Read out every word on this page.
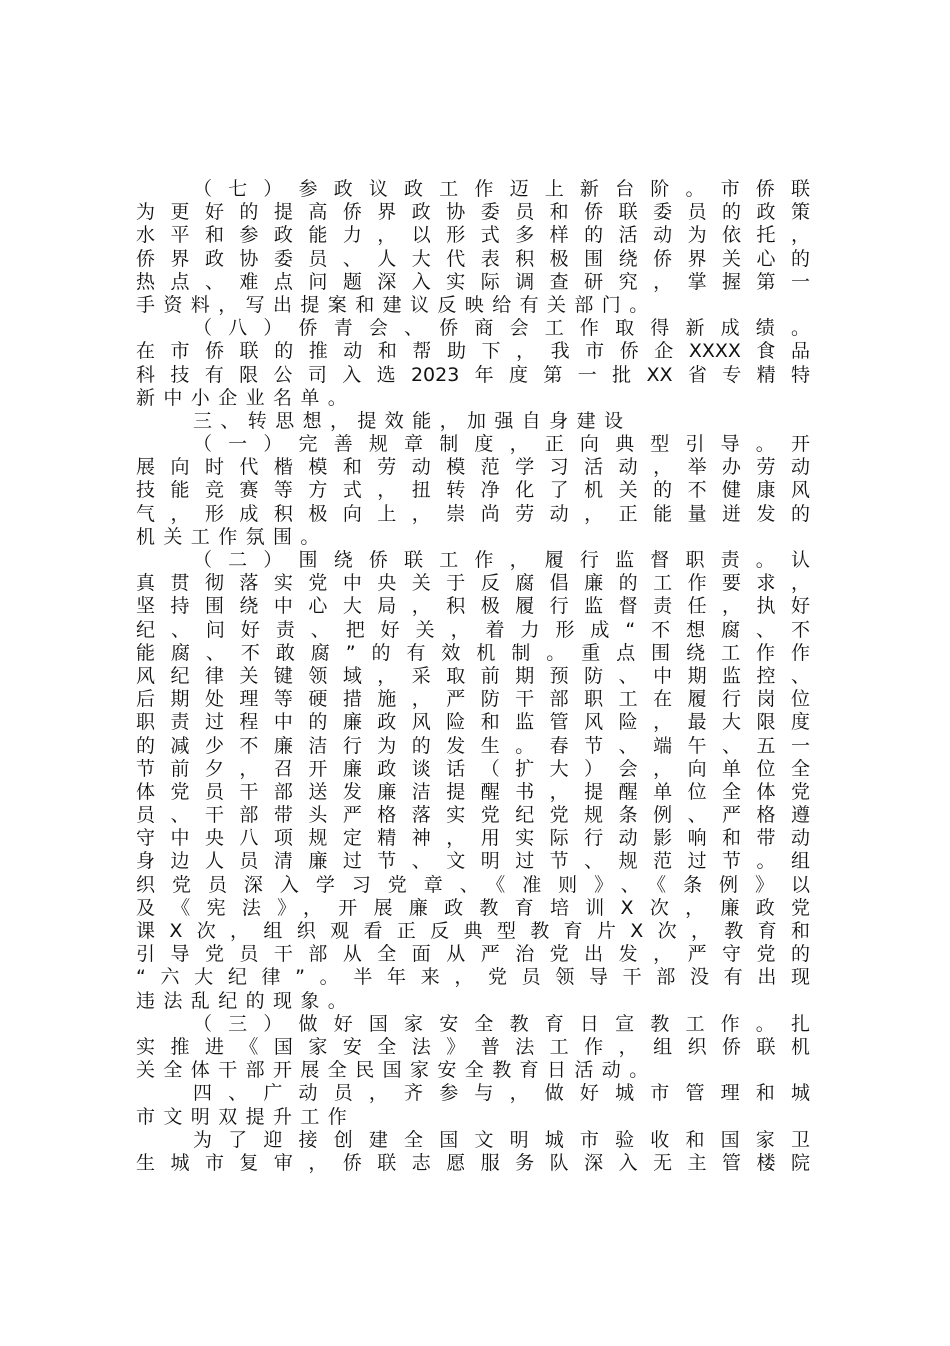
（七）参政议政工作迈上新台阶。市侨联
为更好的提高侨界政协委员和侨联委员的政策
水平和参政能力，以形式多样的活动为依托，
侨界政协委员、人大代表积极围绕侨界关心的
热点、难点问题深入实际调查研究，掌握第一
手资料，写出提案和建议反映给有关部门。
（八）侨青会、侨商会工作取得新成绩。
在市侨联的推动和帮助下，我市侨企XXXX食品
科技有限公司入选2023年度第一批XX省专精特
新中小企业名单。
三、转思想，提效能，加强自身建设
（一）完善规章制度，正向典型引导。开
展向时代楷模和劳动模范学习活动，举办劳动
技能竞赛等方式，扭转净化了机关的不健康风
气，形成积极向上，崇尚劳动，正能量迸发的
机关工作氛围。
（二）围绕侨联工作，履行监督职责。认
真贯彻落实党中央关于反腐倡廉的工作要求，
坚持围绕中心大局，积极履行监督责任，执好
纪、问好责、把好关，着力形成“不想腐、不
能腐、不敢腐”的有效机制。重点围绕工作作
风纪律关键领域，采取前期预防、中期监控、
后期处理等硬措施，严防干部职工在履行岗位
职责过程中的廉政风险和监管风险，最大限度
的减少不廉洁行为的发生。春节、端午、五一
节前夕，召开廉政谈话（扩大）会，向单位全
体党员干部送发廉洁提醒书，提醒单位全体党
员、干部带头严格落实党纪党规条例、严格遵
守中央八项规定精神，用实际行动影响和带动
身边人员清廉过节、文明过节、规范过节。组
织党员深入学习党章、《准则》、《条例》以
及《宪法》，开展廉政教育培训X次，廉政党
课X次，组织观看正反典型教育片X次，教育和
引导党员干部从全面从严治党出发，严守党的
“六大纪律”。半年来，党员领导干部没有出现
违法乱纪的现象。
（三）做好国家安全教育日宣教工作。扎
实推进《国家安全法》普法工作，组织侨联机
关全体干部开展全民国家安全教育日活动。
四、广动员，齐参与，做好城市管理和城
市文明双提升工作
为了迎接创建全国文明城市验收和国家卫
生城市复审，侨联志愿服务队深入无主管楼院
